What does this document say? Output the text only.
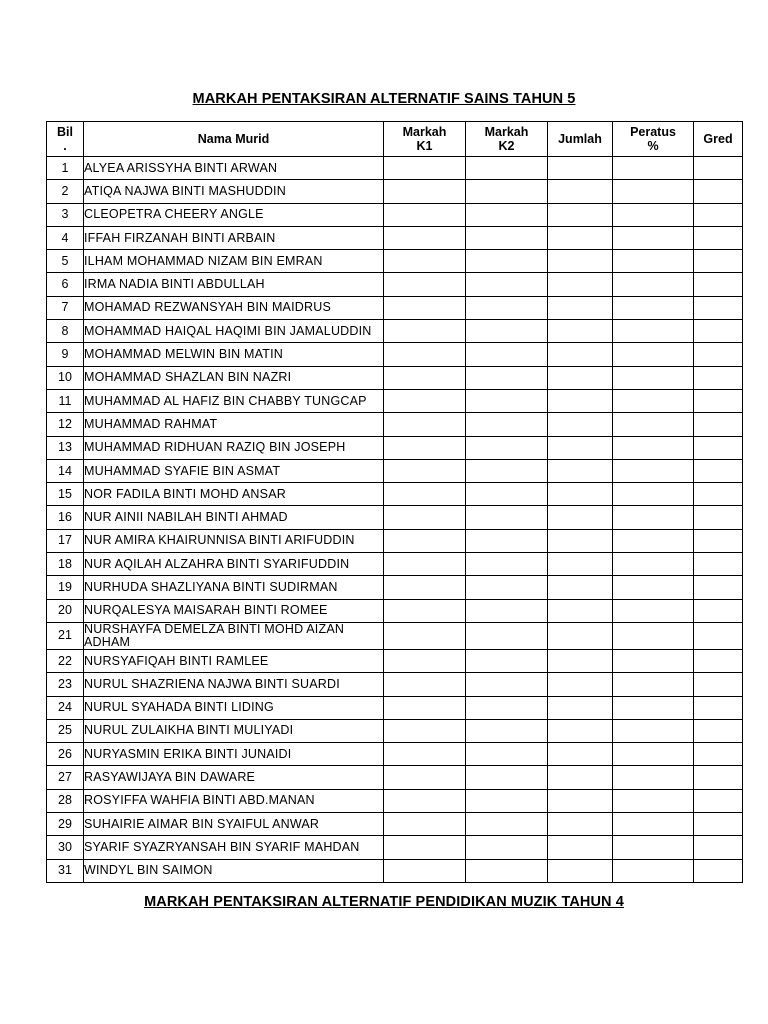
MARKAH PENTAKSIRAN ALTERNATIF SAINS TAHUN 5
Bil .	Nama Murid	Markah K1	Markah K2	Jumlah	Peratus %	Gred
1	ALYEA ARISSYHA BINTI ARWAN					
2	ATIQA NAJWA BINTI MASHUDDIN					
3	CLEOPETRA CHEERY ANGLE					
4	IFFAH FIRZANAH BINTI ARBAIN					
5	ILHAM MOHAMMAD NIZAM BIN EMRAN					
6	IRMA NADIA BINTI ABDULLAH					
7	MOHAMAD REZWANSYAH BIN MAIDRUS					
8	MOHAMMAD HAIQAL HAQIMI BIN JAMALUDDIN					
9	MOHAMMAD MELWIN BIN MATIN					
10	MOHAMMAD SHAZLAN BIN NAZRI					
11	MUHAMMAD AL HAFIZ BIN CHABBY TUNGCAP					
12	MUHAMMAD RAHMAT					
13	MUHAMMAD RIDHUAN RAZIQ BIN JOSEPH					
14	MUHAMMAD SYAFIE BIN ASMAT					
15	NOR FADILA BINTI MOHD ANSAR					
16	NUR AINII NABILAH BINTI AHMAD					
17	NUR AMIRA KHAIRUNNISA BINTI ARIFUDDIN					
18	NUR AQILAH ALZAHRA BINTI SYARIFUDDIN					
19	NURHUDA SHAZLIYANA BINTI SUDIRMAN					
20	NURQALESYA MAISARAH BINTI ROMEE					
21	NURSHAYFA DEMELZA BINTI MOHD AIZAN ADHAM					
22	NURSYAFIQAH BINTI RAMLEE					
23	NURUL SHAZRIENA NAJWA BINTI SUARDI					
24	NURUL SYAHADA BINTI LIDING					
25	NURUL ZULAIKHA BINTI MULIYADI					
26	NURYASMIN ERIKA BINTI JUNAIDI					
27	RASYAWIJAYA BIN DAWARE					
28	ROSYIFFA WAHFIA BINTI ABD.MANAN					
29	SUHAIRIE AIMAR BIN SYAIFUL ANWAR					
30	SYARIF SYAZRYANSAH BIN SYARIF MAHDAN					
31	WINDYL BIN SAIMON					
MARKAH PENTAKSIRAN ALTERNATIF PENDIDIKAN MUZIK TAHUN 4
